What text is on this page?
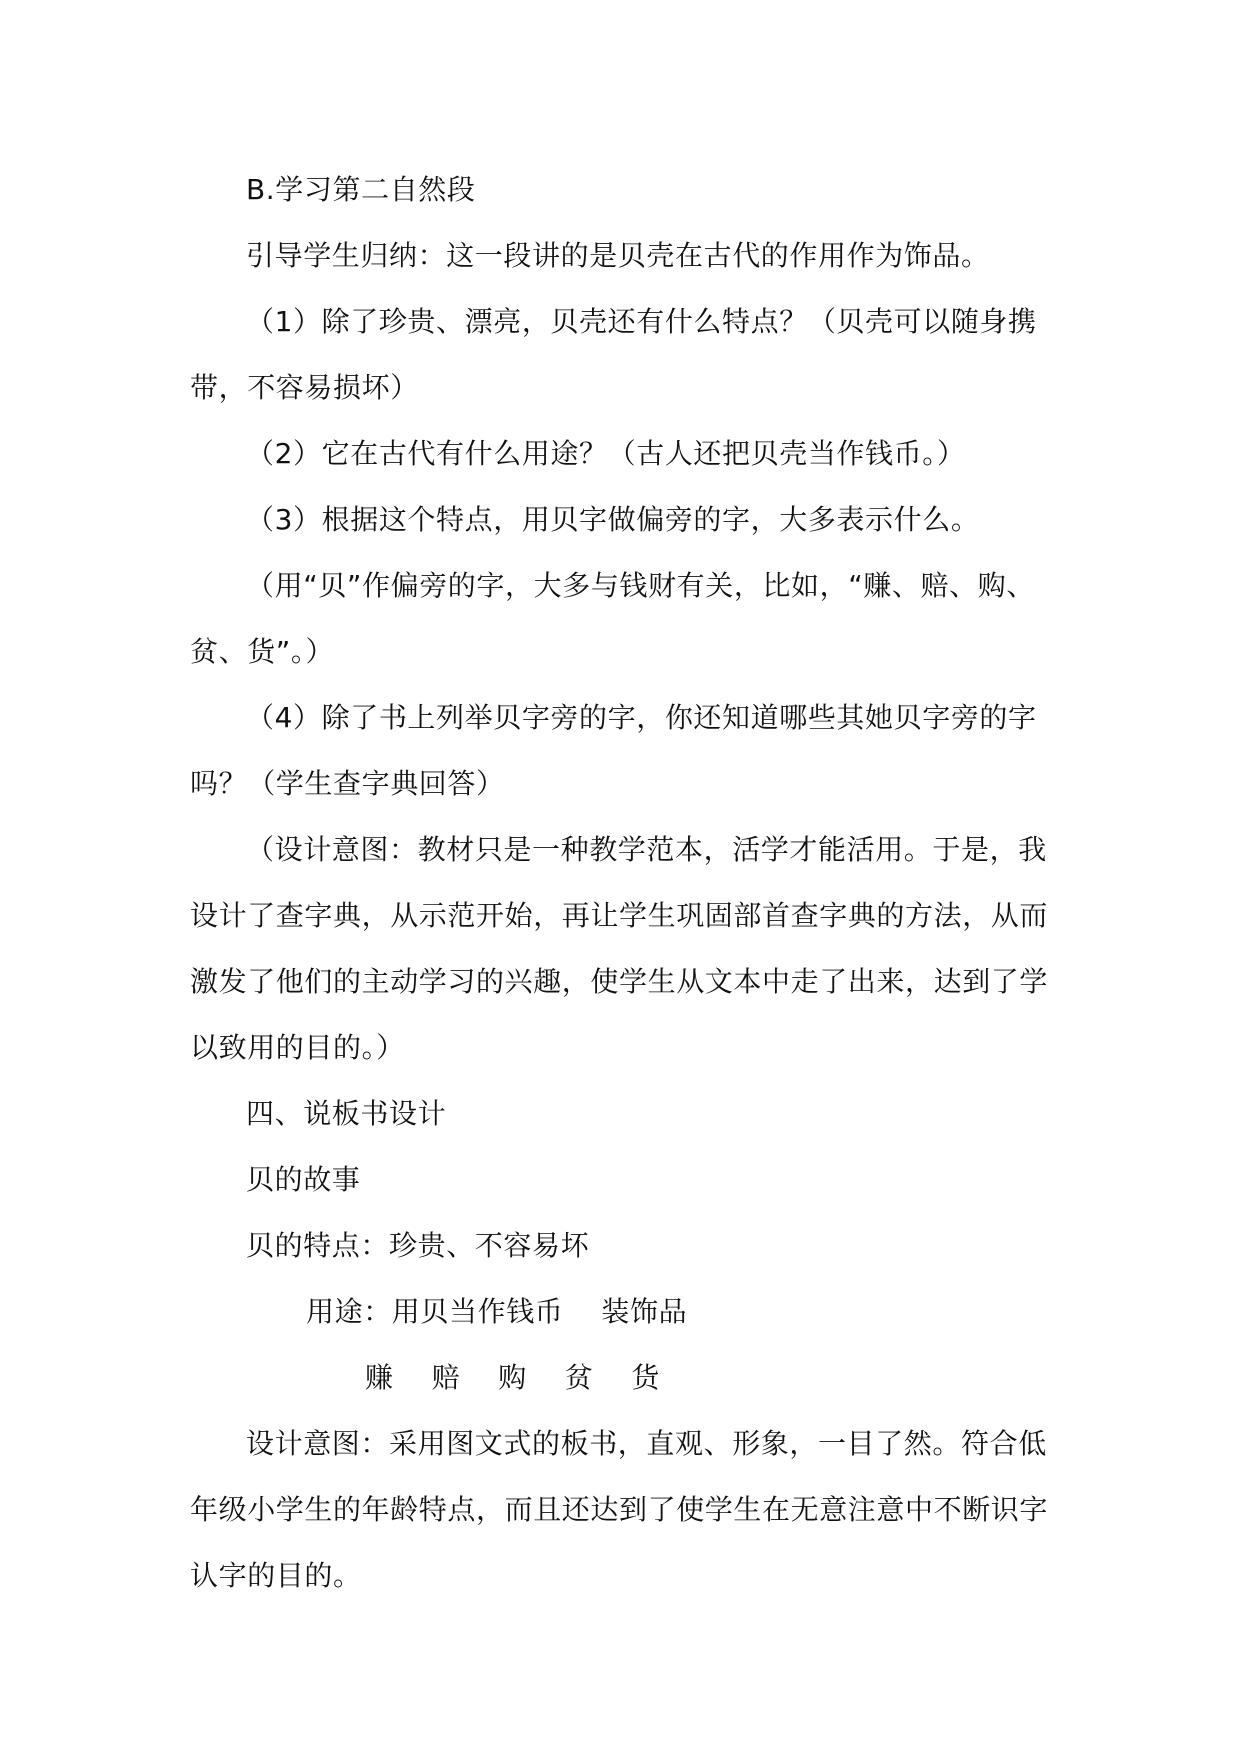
B.学习第二自然段
引导学生归纳：这一段讲的是贝壳在古代的作用作为饰品。
（1）除了珍贵、漂亮，贝壳还有什么特点？（贝壳可以随身携
带，不容易损坏）
（2）它在古代有什么用途？（古人还把贝壳当作钱币。）
（3）根据这个特点，用贝字做偏旁的字，大多表示什么。
（用“贝”作偏旁的字，大多与钱财有关，比如，“赚、赔、购、
贫、货”。）
（4）除了书上列举贝字旁的字，你还知道哪些其她贝字旁的字
吗？（学生查字典回答）
（设计意图：教材只是一种教学范本，活学才能活用。于是，我
设计了查字典，从示范开始，再让学生巩固部首查字典的方法，从而
激发了他们的主动学习的兴趣，使学生从文本中走了出来，达到了学
以致用的目的。）
四、说板书设计
贝的故事
贝的特点：珍贵、不容易坏
用途：用贝当作钱币    装饰品
赚    赔    购    贫    货
设计意图：采用图文式的板书，直观、形象，一目了然。符合低
年级小学生的年龄特点，而且还达到了使学生在无意注意中不断识字
认字的目的。
